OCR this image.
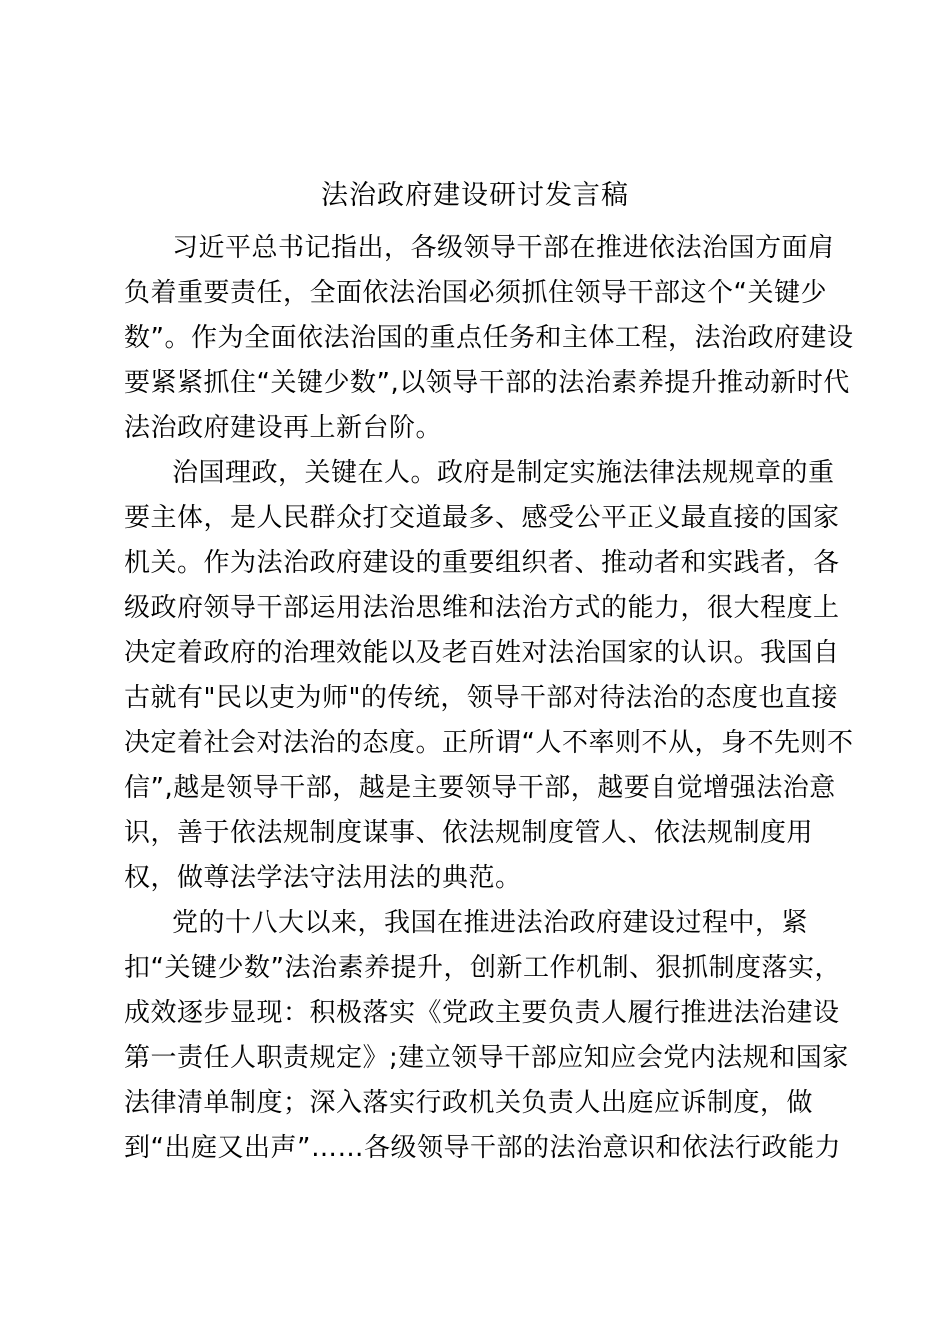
法治政府建设研讨发言稿
习近平总书记指出，各级领导干部在推进依法治国方面肩
负着重要责任，全面依法治国必须抓住领导干部这个“关键少
数”。作为全面依法治国的重点任务和主体工程，法治政府建设
要紧紧抓住“关键少数”,以领导干部的法治素养提升推动新时代
法治政府建设再上新台阶。
治国理政，关键在人。政府是制定实施法律法规规章的重
要主体，是人民群众打交道最多、感受公平正义最直接的国家
机关。作为法治政府建设的重要组织者、推动者和实践者，各
级政府领导干部运用法治思维和法治方式的能力，很大程度上
决定着政府的治理效能以及老百姓对法治国家的认识。我国自
古就有"民以吏为师"的传统，领导干部对待法治的态度也直接
决定着社会对法治的态度。正所谓“人不率则不从，身不先则不
信”,越是领导干部，越是主要领导干部，越要自觉增强法治意
识，善于依法规制度谋事、依法规制度管人、依法规制度用
权，做尊法学法守法用法的典范。
党的十八大以来，我国在推进法治政府建设过程中，紧
扣“关键少数”法治素养提升，创新工作机制、狠抓制度落实，
成效逐步显现：积极落实《党政主要负责人履行推进法治建设
第一责任人职责规定》;建立领导干部应知应会党内法规和国家
法律清单制度；深入落实行政机关负责人出庭应诉制度，做
到“出庭又出声”……各级领导干部的法治意识和依法行政能力
